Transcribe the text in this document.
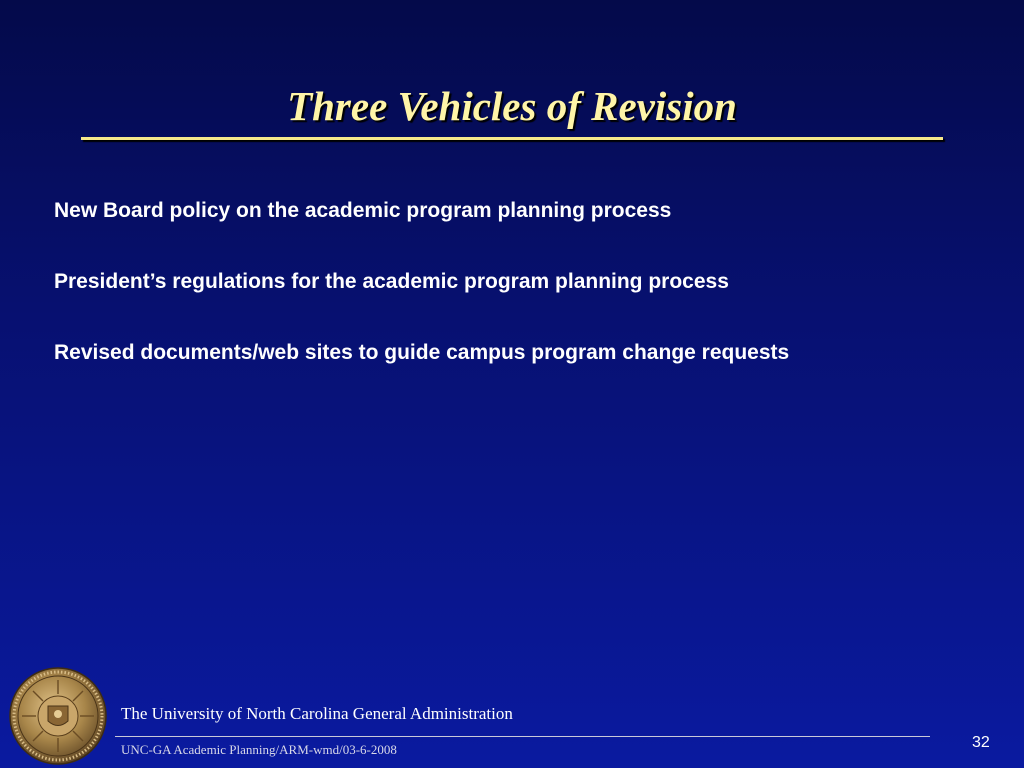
Three Vehicles of Revision
New Board policy on the academic program planning process
President’s regulations for the academic program planning process
Revised documents/web sites to guide campus program change requests
The University of North Carolina General Administration
UNC-GA Academic Planning/ARM-wmd/03-6-2008	32
